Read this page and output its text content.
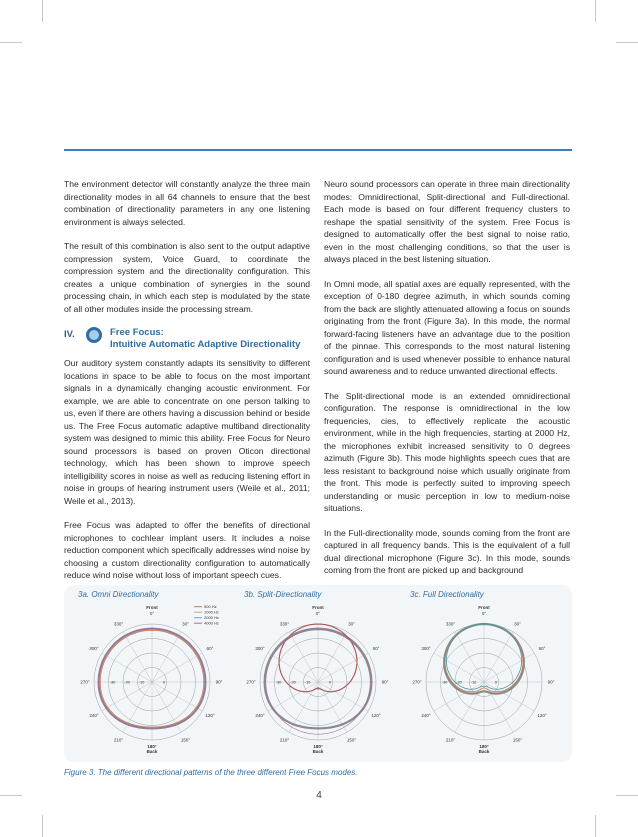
The environment detector will constantly analyze the three main directionality modes in all 64 channels to ensure that the best combination of directionality parameters in any one listening environment is always selected.

The result of this combination is also sent to the output adaptive compression system, Voice Guard, to coordinate the compression system and the directionality configuration. This creates a unique combination of synergies in the sound processing chain, in which each step is modulated by the state of all other modules inside the processing stream.

IV.	Free Focus:
Intuitive Automatic Adaptive Directionality

Our auditory system constantly adapts its sensitivity to different locations in space to be able to focus on the most important signals in a dynamically changing acoustic environment. For example, we are able to concentrate on one person talking to us, even if there are others having a discussion behind or beside us. The Free Focus automatic adaptive multiband directionality system was designed to mimic this ability. Free Focus for Neuro sound processors is based on proven Oticon directional technology, which has been shown to improve speech intelligibility scores in noise as well as reducing listening effort in noise in groups of hearing instrument users (Weile et al., 2011; Weile et al., 2013).

Free Focus was adapted to offer the benefits of directional microphones to cochlear implant users. It includes a noise reduction component which specifically addresses wind noise by choosing a custom directionality configuration to automatically reduce wind noise without loss of important speech cues.

Neuro sound processors can operate in three main directionality modes: Omnidirectional, Split-directional and Full-directional. Each mode is based on four different frequency clusters to reshape the spatial sensitivity of the system. Free Focus is designed to automatically offer the best signal to noise ratio, even in the most challenging conditions, so that the user is always placed in the best listening situation.

In Omni mode, all spatial axes are equally represented, with the exception of 0-180 degree azimuth, in which sounds coming from the back are slightly attenuated allowing a focus on sounds originating from the front (Figure 3a). In this mode, the normal forward-facing listeners have an advantage due to the position of the pinnae. This corresponds to the most natural listening configuration and is used whenever possible to enhance natural sound awareness and to reduce unwanted directional effects.

The Split-directional mode is an extended omnidirectional configuration. The response is omnidirectional in the low frequencies, cies, to effectively replicate the acoustic environment, while in the high frequencies, starting at 2000 Hz, the microphones exhibit increased sensitivity to 0 degrees azimuth (Figure 3b). This mode highlights speech cues that are less resistant to background noise which usually originate from the front. This mode is perfectly suited to improving speech understanding or music perception in low to medium-noise situations.

In the Full-directionality mode, sounds coming from the front are captured in all frequency bands. This is the equivalent of a full dual directional microphone (Figure 3c). In this mode, sounds coming from the front are picked up and background

3a. Omni Directionality	3b. Split-Directionality	3c. Full Directionality
30°
60°
90°
120°
150°
210°
240°
270°
300°
330°
Front
0°
180°
Back
-30 -20 -10	0
500 Hz
1000 Hz
2000 Hz
4000 Hz	30°
60°
90°
120°
150°
210°
240°
270°
300°
330°
Front
0°
180°
Back
-30 -20 -10	0
30°
60°
90°
120°
150°
210°
240°
270°
300°
330°
Front
0°
180°
Back
-30 -20 -10	0
Figure 3. The different directional patterns of the three different Free Focus modes.
4
